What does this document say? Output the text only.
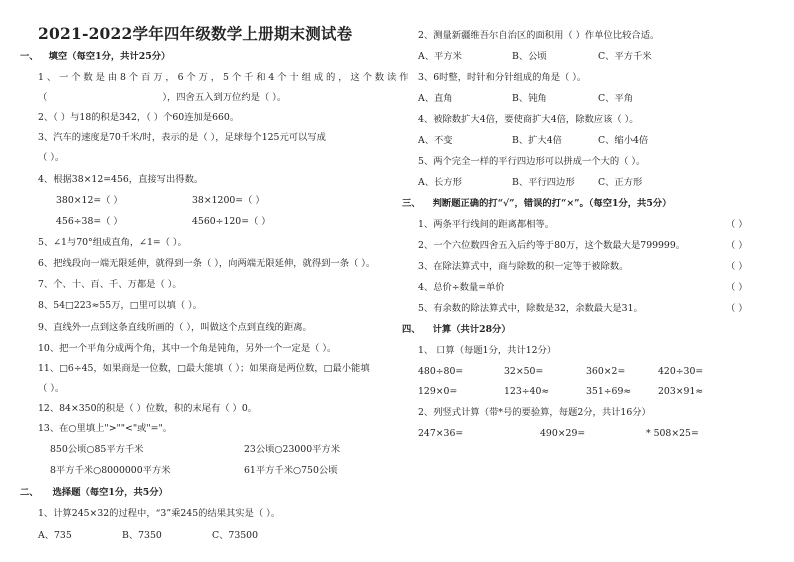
2021-2022学年四年级数学上册期末测试卷
一、 填空（每空1分，共计25分）
1、一个数是由8个百万，6个万，5个千和4个十组成的，这个数读作
（	），四舍五入到万位约是（ ）。
2、（ ）与18的积是342，（ ）个60连加是660。
3、汽车的速度是70千米/时，表示的是（ ），足球每个125元可以写成
（ ）。
4、根据38×12=456，直接写出得数。
380×12=（ ）	38×1200=（ ）
456÷38=（ ）	4560÷120=（ ）
5、∠1与70°组成直角，∠1=（ ）。
6、把线段向一端无限延伸，就得到一条（ ），向两端无限延伸，就得到一条（ ）。
7、个、十、百、千、万都是（ ）。
8、54□223≈55万，□里可以填（ ）。
9、直线外一点到这条直线所画的（ ），叫做这个点到直线的距离。
10、把一个平角分成两个角，其中一个角是钝角，另外一个一定是（ ）。
11、□6÷45，如果商是一位数，□最大能填（ ）；如果商是两位数，□最小能填
（ ）。
12、84×350的积是（ ）位数，积的末尾有（ ）0。
13、在○里填上">""<"或"="。
850公顷○85平方千米	23公顷○23000平方米
8平方千米○8000000平方米	61平方千米○750公顷
二、 选择题（每空1分，共5分）
1、计算245×32的过程中，“3”乘245的结果其实是（ ）。
A、735	B、7350	C、73500
2、测量新疆维吾尔自治区的面积用（ ）作单位比较合适。
A、平方米	B、公顷	C、平方千米
3、6时整，时针和分针组成的角是（ ）。
A、直角	B、钝角	C、平角
4、被除数扩大4倍，要使商扩大4倍，除数应该（ ）。
A、不变	B、扩大4倍	C、缩小4倍
5、两个完全一样的平行四边形可以拼成一个大的（ ）。
A、长方形	B、平行四边形	C、正方形
三、 判断题正确的打“√”，错误的打“×”。（每空1分，共5分）
1、两条平行线间的距离都相等。	（ ）
2、一个六位数四舍五入后约等于80万，这个数最大是799999。	（ ）
3、在除法算式中，商与除数的积一定等于被除数。	（ ）
4、总价÷数量=单价	（ ）
5、有余数的除法算式中，除数是32，余数最大是31。	（ ）
四、 计算（共计28分）
1、 口算（每题1分，共计12分）
480÷80=	32×50=	360×2=	420÷30=
129×0=	123÷40≈	351÷69≈	203×91≈
2、列竖式计算（带*号的要验算，每题2分，共计16分）
247×36=	490×29=	* 508×25=
